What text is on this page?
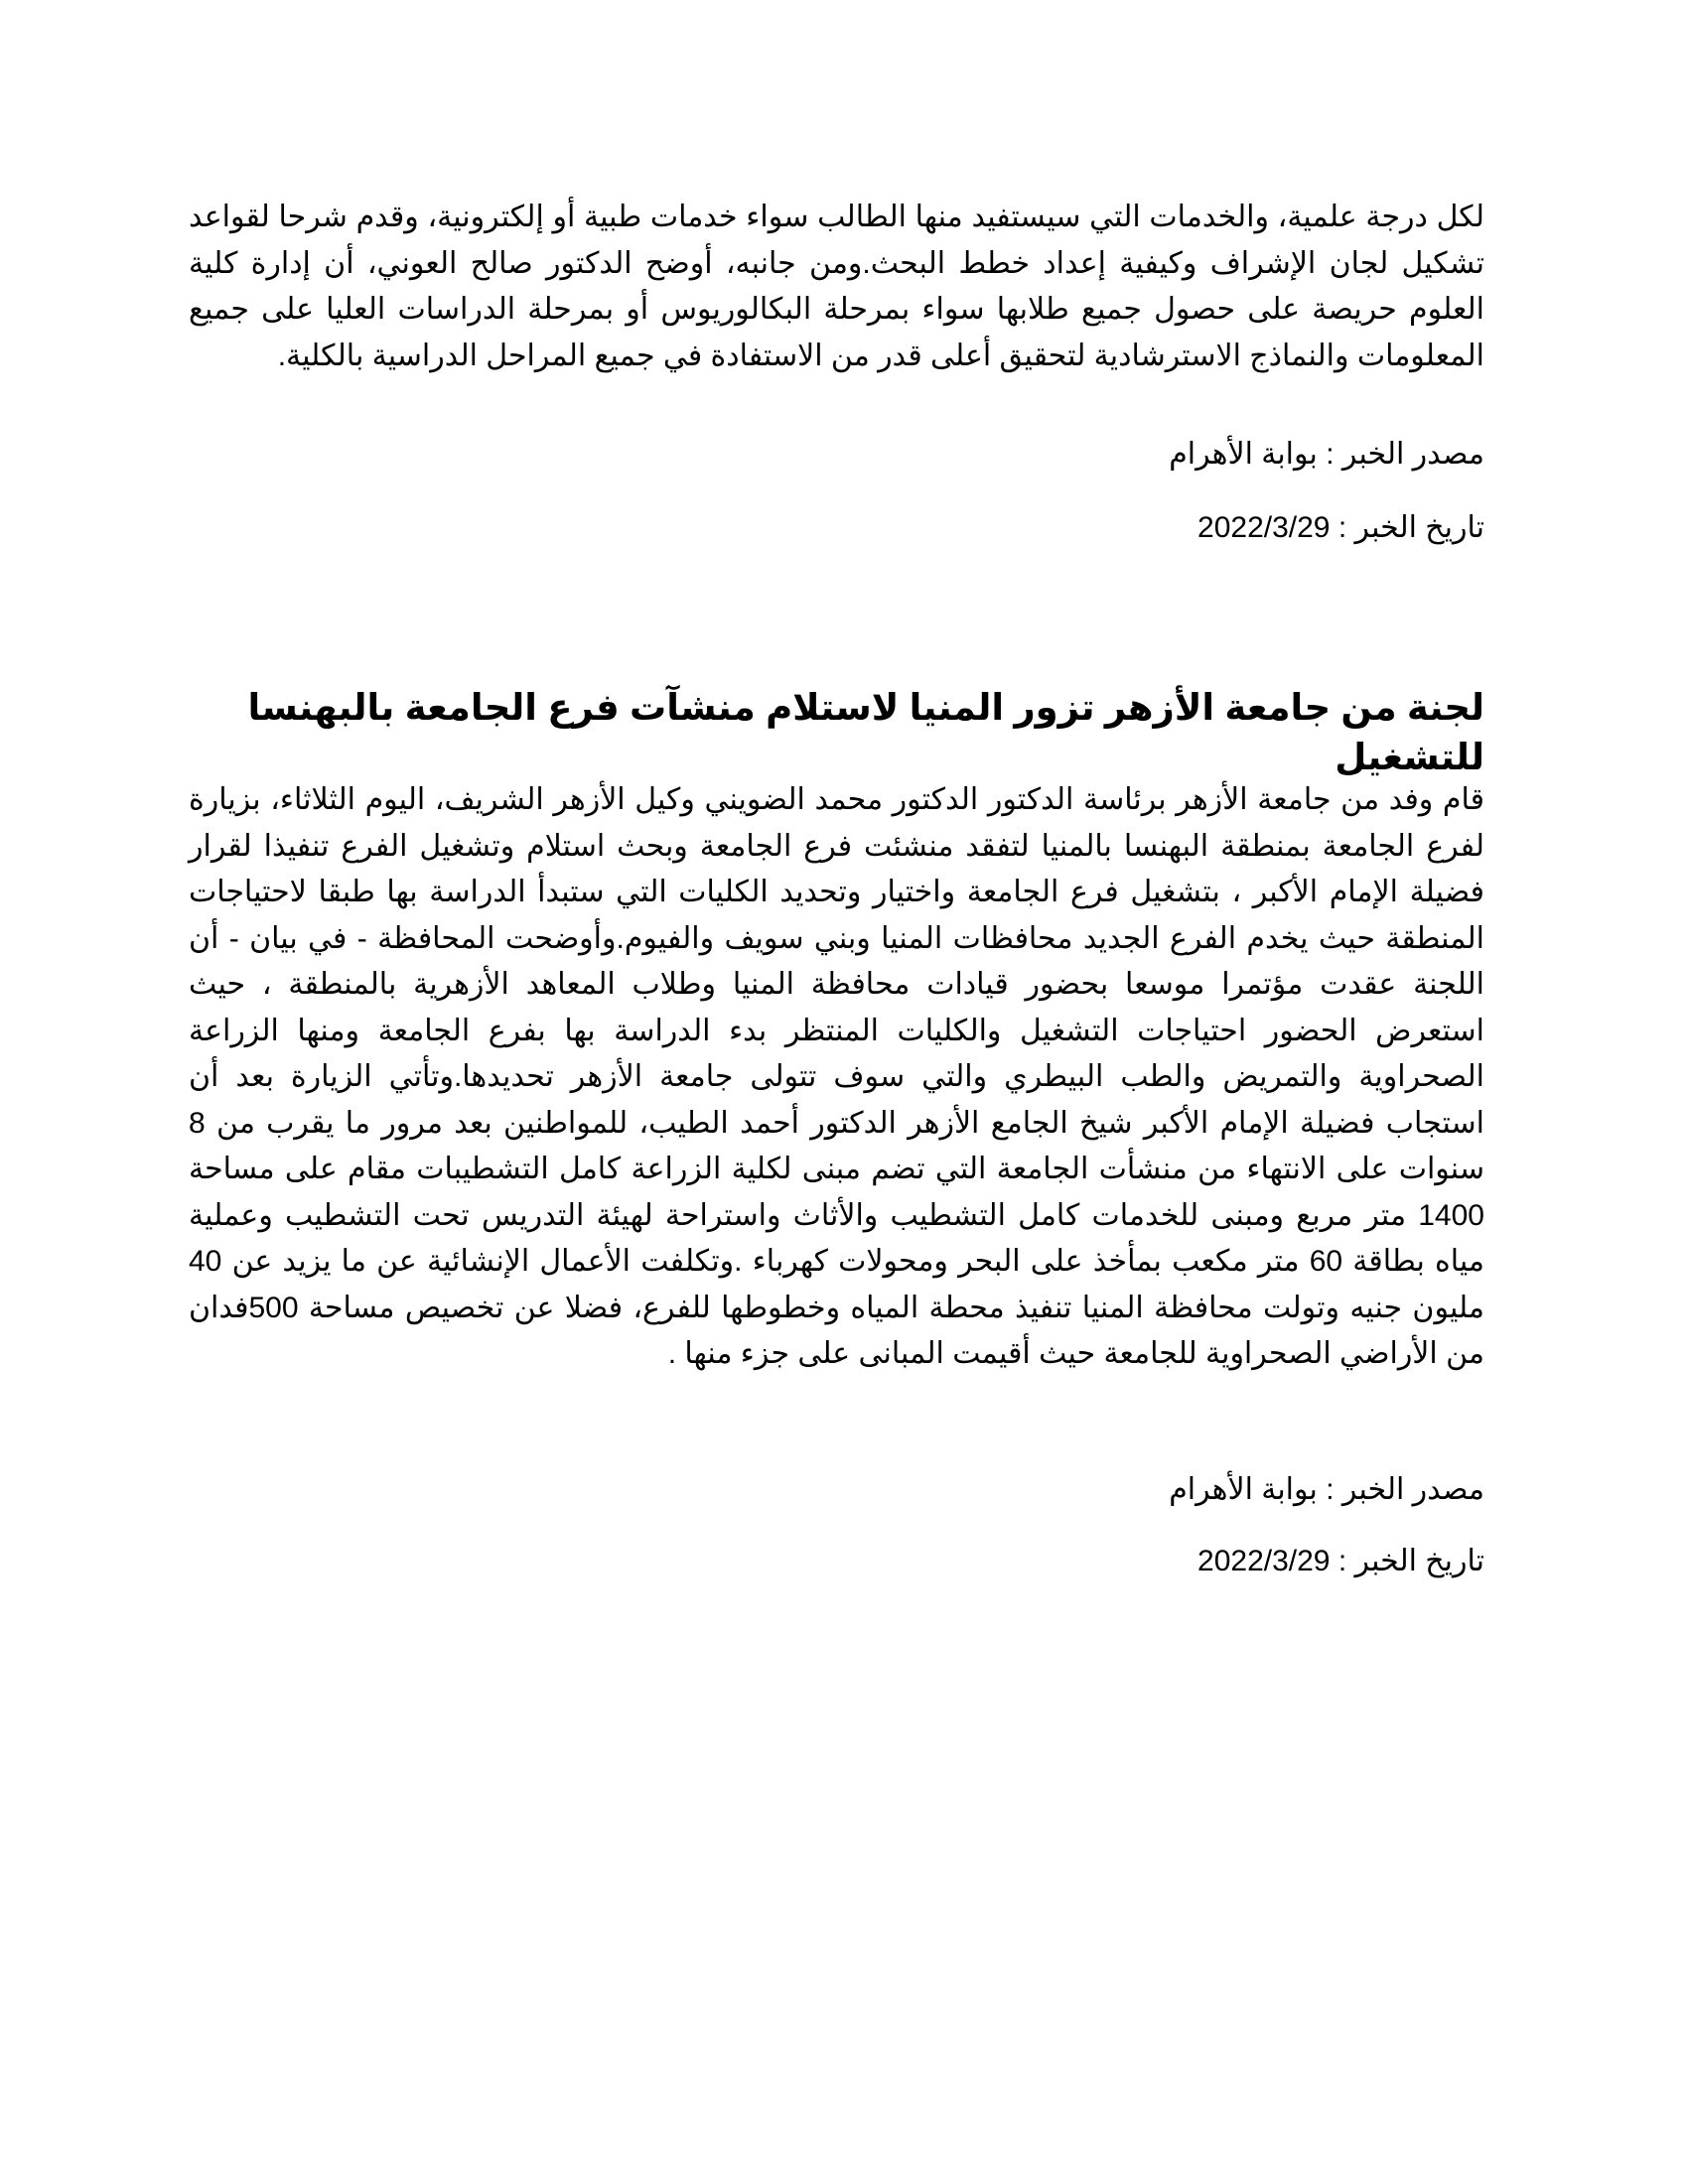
لكل درجة علمية، والخدمات التي سيستفيد منها الطالب سواء خدمات طبية أو إلكترونية، وقدم شرحا لقواعد تشكيل لجان الإشراف وكيفية إعداد خطط البحث.ومن جانبه، أوضح الدكتور صالح العوني، أن إدارة كلية العلوم حريصة على حصول جميع طلابها سواء بمرحلة البكالوريوس أو بمرحلة الدراسات العليا على جميع المعلومات والنماذج الاسترشادية لتحقيق أعلى قدر من الاستفادة في جميع المراحل الدراسية بالكلية.

مصدر الخبر : بوابة الأهرام

تاريخ الخبر : 2022/3/29

لجنة من جامعة الأزهر تزور المنيا لاستلام منشآت فرع الجامعة بالبهنسا للتشغيل

قام وفد من جامعة الأزهر برئاسة الدكتور الدكتور محمد الضويني وكيل الأزهر الشريف، اليوم الثلاثاء، بزيارة لفرع الجامعة بمنطقة البهنسا بالمنيا لتفقد منشئت فرع الجامعة وبحث استلام وتشغيل الفرع تنفيذا لقرار فضيلة الإمام الأكبر ، بتشغيل فرع الجامعة واختيار وتحديد الكليات التي ستبدأ الدراسة بها طبقا لاحتياجات المنطقة حيث يخدم الفرع الجديد محافظات المنيا وبني سويف والفيوم.وأوضحت المحافظة - في بيان - أن اللجنة عقدت مؤتمرا موسعا بحضور قيادات محافظة المنيا وطلاب المعاهد الأزهرية بالمنطقة ، حيث استعرض الحضور احتياجات التشغيل والكليات المنتظر بدء الدراسة بها بفرع الجامعة ومنها الزراعة الصحراوية والتمريض والطب البيطري والتي سوف تتولى جامعة الأزهر تحديدها.وتأتي الزيارة بعد أن استجاب فضيلة الإمام الأكبر شيخ الجامع الأزهر الدكتور أحمد الطيب، للمواطنين بعد مرور ما يقرب من 8 سنوات على الانتهاء من منشأت الجامعة التي تضم مبنى لكلية الزراعة كامل التشطيبات مقام على مساحة 1400 متر مربع ومبنى للخدمات كامل التشطيب والأثاث واستراحة لهيئة التدريس تحت التشطيب وعملية مياه بطاقة 60 متر مكعب بمأخذ على البحر ومحولات كهرباء .وتكلفت الأعمال الإنشائية عن ما يزيد عن 40 مليون جنيه وتولت محافظة المنيا تنفيذ محطة المياه وخطوطها للفرع، فضلا عن تخصيص مساحة 500فدان من الأراضي الصحراوية للجامعة حيث أقيمت المبانى على جزء منها .

مصدر الخبر : بوابة الأهرام

تاريخ الخبر : 2022/3/29
